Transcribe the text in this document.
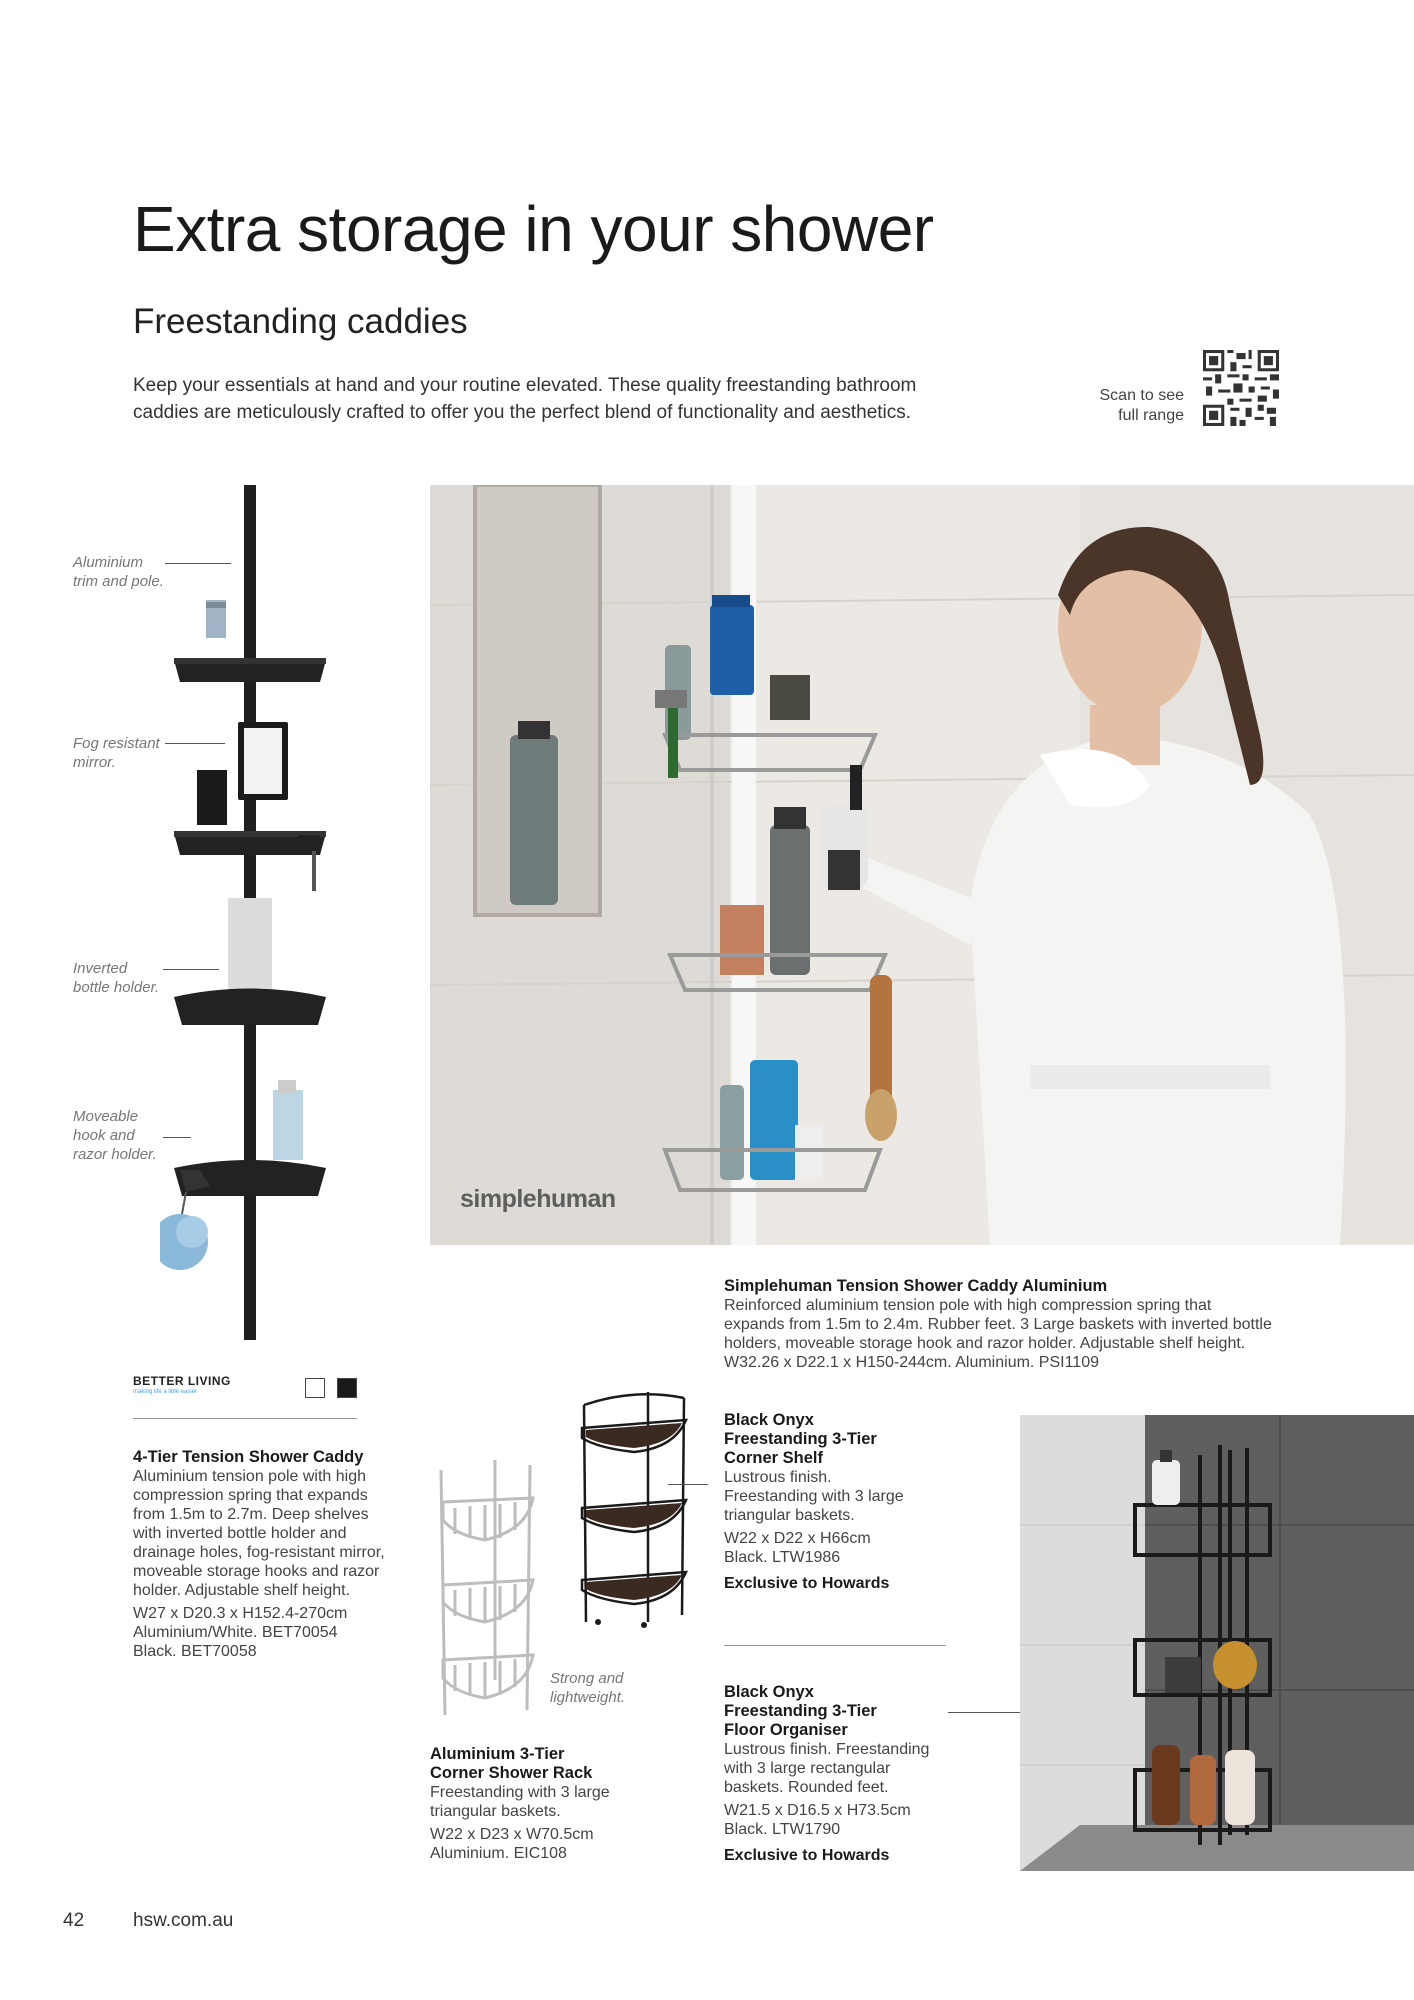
Extra storage in your shower
Freestanding caddies
Keep your essentials at hand and your routine elevated. These quality freestanding bathroom caddies are meticulously crafted to offer you the perfect blend of functionality and aesthetics.
Scan to see
full range
Aluminium
trim and pole.
Fog resistant
mirror.
Inverted
bottle holder.
Moveable
hook and
razor holder.
simplehuman
Simplehuman Tension Shower Caddy Aluminium
Reinforced aluminium tension pole with high compression spring that
expands from 1.5m to 2.4m. Rubber feet. 3 Large baskets with inverted bottle
holders, moveable storage hook and razor holder. Adjustable shelf height.
W32.26 x D22.1 x H150-244cm. Aluminium. PSI1109
BETTER LIVING
making life a little easier
4-Tier Tension Shower Caddy
Aluminium tension pole with high
compression spring that expands
from 1.5m to 2.7m. Deep shelves
with inverted bottle holder and
drainage holes, fog-resistant mirror,
moveable storage hooks and razor
holder. Adjustable shelf height.
W27 x D20.3 x H152.4-270cm
Aluminium/White. BET70054
Black. BET70058
Strong and
lightweight.
Aluminium 3-Tier
Corner Shower Rack
Freestanding with 3 large
triangular baskets.
W22 x D23 x W70.5cm
Aluminium. EIC108
Black Onyx
Freestanding 3-Tier
Corner Shelf
Lustrous finish.
Freestanding with 3 large
triangular baskets.
W22 x D22 x H66cm
Black. LTW1986
Exclusive to Howards
Black Onyx
Freestanding 3-Tier
Floor Organiser
Lustrous finish. Freestanding
with 3 large rectangular
baskets. Rounded feet.
W21.5 x D16.5 x H73.5cm
Black. LTW1790
Exclusive to Howards
42	hsw.com.au
